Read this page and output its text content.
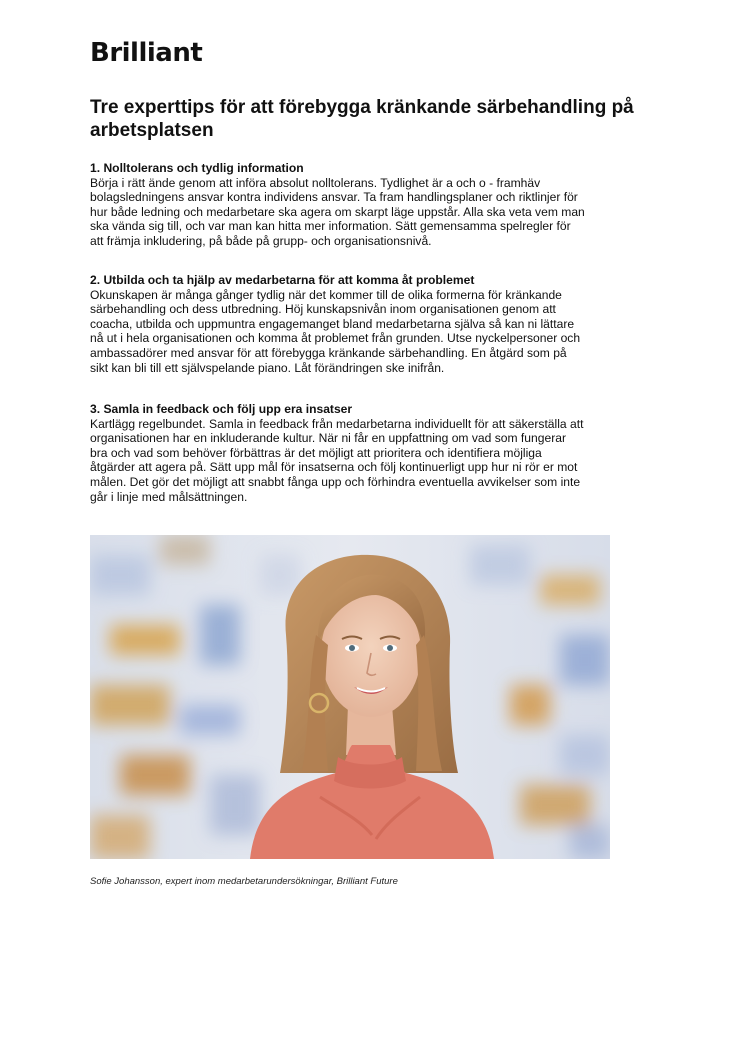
Brilliant
Tre experttips för att förebygga kränkande särbehandling på arbetsplatsen
1. Nolltolerans och tydlig information

Börja i rätt ände genom att införa absolut nolltolerans. Tydlighet är a och o - framhäv
bolagsledningens ansvar kontra individens ansvar. Ta fram handlingsplaner och riktlinjer för
hur både ledning och medarbetare ska agera om skarpt läge uppstår. Alla ska veta vem man
ska vända sig till, och var man kan hitta mer information. Sätt gemensamma spelregler för
att främja inkludering, på både på grupp- och organisationsnivå.

2. Utbilda och ta hjälp av medarbetarna för att komma åt problemet

Okunskapen är många gånger tydlig när det kommer till de olika formerna för kränkande
särbehandling och dess utbredning. Höj kunskapsnivån inom organisationen genom att
coacha, utbilda och uppmuntra engagemanget bland medarbetarna själva så kan ni lättare
nå ut i hela organisationen och komma åt problemet från grunden. Utse nyckelpersoner och
ambassadörer med ansvar för att förebygga kränkande särbehandling. En åtgärd som på
sikt kan bli till ett självspelande piano. Låt förändringen ske inifrån.

3. Samla in feedback och följ upp era insatser

Kartlägg regelbundet. Samla in feedback från medarbetarna individuellt för att säkerställa att
organisationen har en inkluderande kultur. När ni får en uppfattning om vad som fungerar
bra och vad som behöver förbättras är det möjligt att prioritera och identifiera möjliga
åtgärder att agera på. Sätt upp mål för insatserna och följ kontinuerligt upp hur ni rör er mot
målen. Det gör det möjligt att snabbt fånga upp och förhindra eventuella avvikelser som inte
går i linje med målsättningen.

Sofie Johansson, expert inom medarbetarundersökningar, Brilliant Future
